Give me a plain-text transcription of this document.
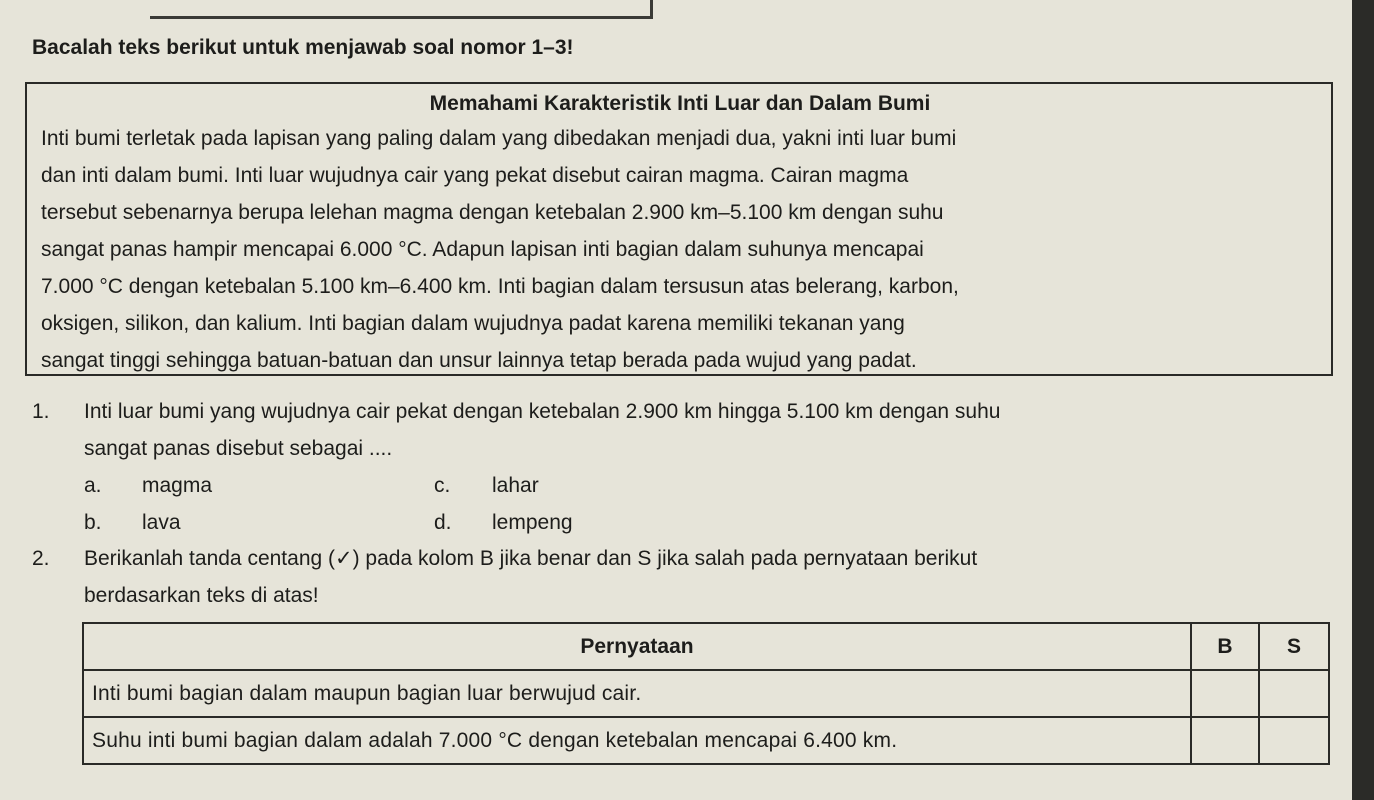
Bacalah teks berikut untuk menjawab soal nomor 1–3!
Memahami Karakteristik Inti Luar dan Dalam Bumi
Inti bumi terletak pada lapisan yang paling dalam yang dibedakan menjadi dua, yakni inti luar bumi
dan inti dalam bumi. Inti luar wujudnya cair yang pekat disebut cairan magma. Cairan magma
tersebut sebenarnya berupa lelehan magma dengan ketebalan 2.900 km–5.100 km dengan suhu
sangat panas hampir mencapai 6.000 °C. Adapun lapisan inti bagian dalam suhunya mencapai
7.000 °C dengan ketebalan 5.100 km–6.400 km. Inti bagian dalam tersusun atas belerang, karbon,
oksigen, silikon, dan kalium. Inti bagian dalam wujudnya padat karena memiliki tekanan yang
sangat tinggi sehingga batuan-batuan dan unsur lainnya tetap berada pada wujud yang padat.
1. Inti luar bumi yang wujudnya cair pekat dengan ketebalan 2.900 km hingga 5.100 km dengan suhu
sangat panas disebut sebagai ....
a. magma	c. lahar
b. lava	d. lempeng
2. Berikanlah tanda centang (✓) pada kolom B jika benar dan S jika salah pada pernyataan berikut
berdasarkan teks di atas!
Pernyataan	B	S
Inti bumi bagian dalam maupun bagian luar berwujud cair.		
Suhu inti bumi bagian dalam adalah 7.000 °C dengan ketebalan mencapai 6.400 km.		
